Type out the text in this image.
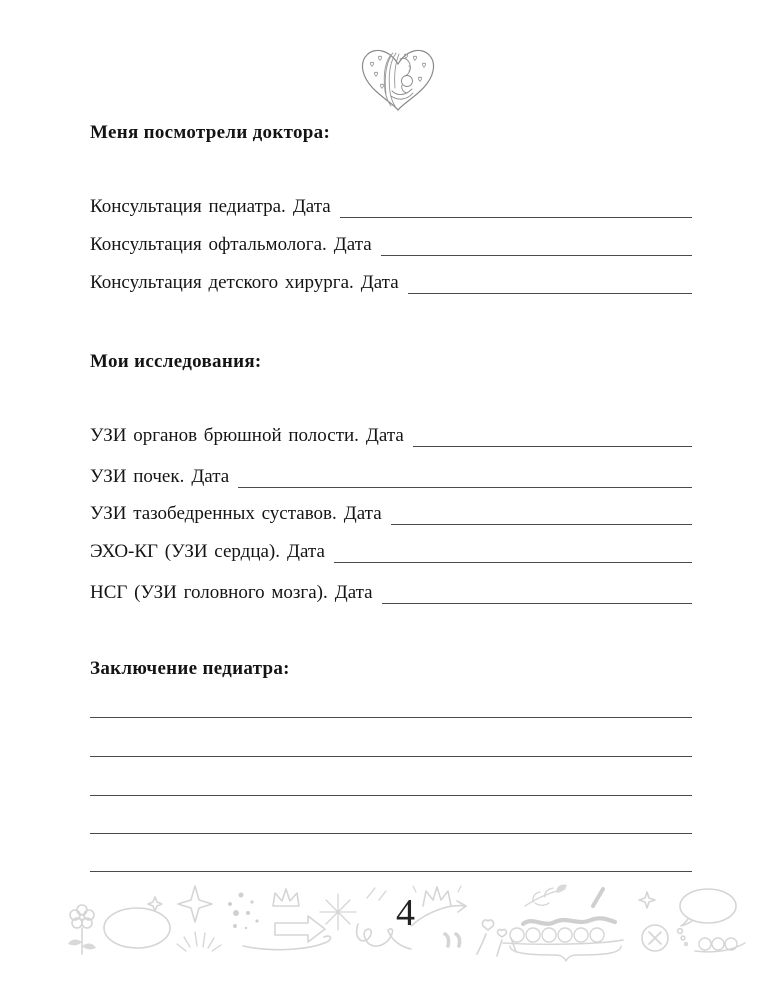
Меня посмотрели доктора:
Консультация педиатра. Дата
Консультация офтальмолога. Дата
Консультация детского хирурга. Дата
Мои исследования:
УЗИ органов брюшной полости. Дата
УЗИ почек. Дата
УЗИ тазобедренных суставов. Дата
ЭХО-КГ (УЗИ сердца). Дата
НСГ (УЗИ головного мозга). Дата
Заключение педиатра:
4
